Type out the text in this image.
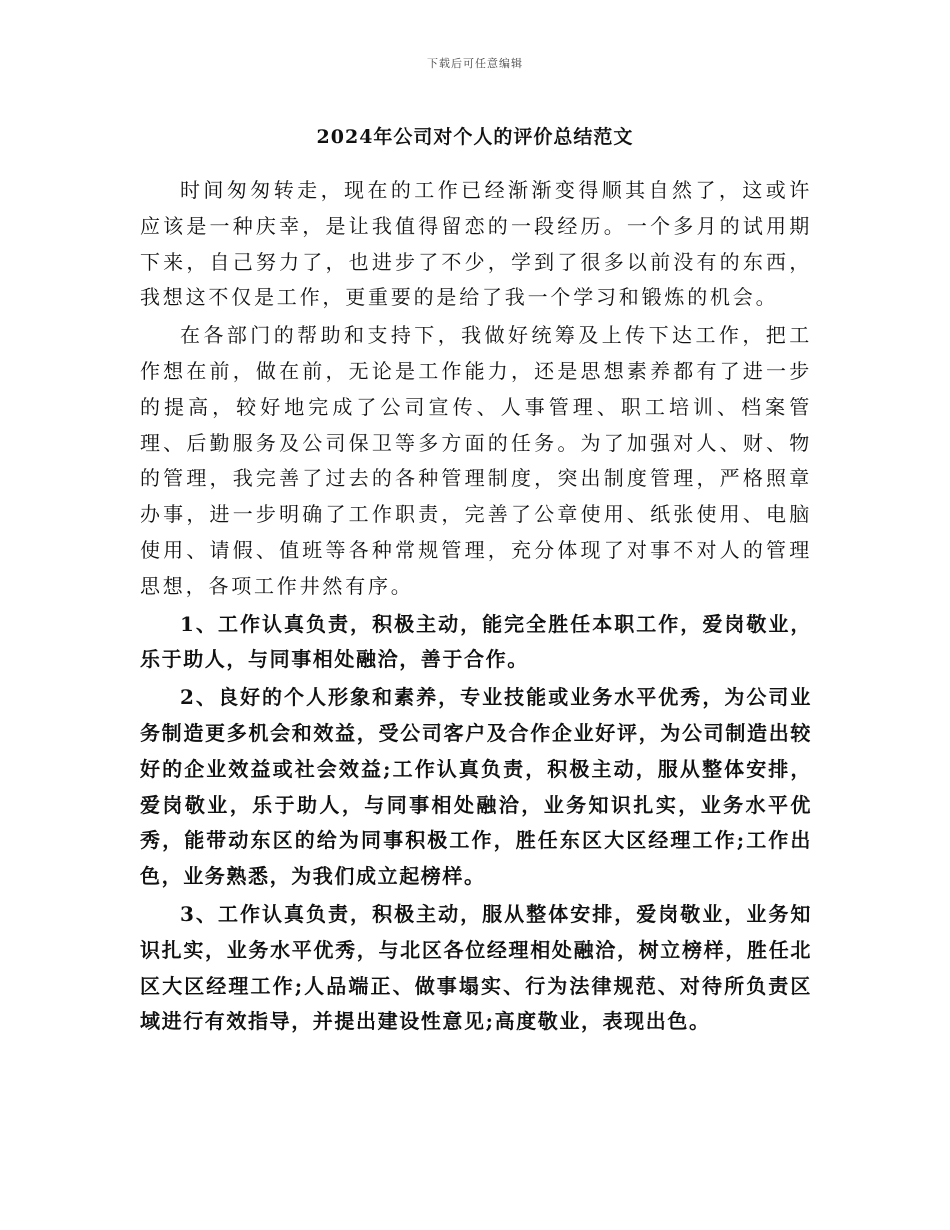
下载后可任意编辑
2024年公司对个人的评价总结范文

时间匆匆转走，现在的工作已经渐渐变得顺其自然了，这或许应该是一种庆幸，是让我值得留恋的一段经历。一个多月的试用期下来，自己努力了，也进步了不少，学到了很多以前没有的东西，我想这不仅是工作，更重要的是给了我一个学习和锻炼的机会。

在各部门的帮助和支持下，我做好统筹及上传下达工作，把工作想在前，做在前，无论是工作能力，还是思想素养都有了进一步的提高，较好地完成了公司宣传、人事管理、职工培训、档案管理、后勤服务及公司保卫等多方面的任务。为了加强对人、财、物的管理，我完善了过去的各种管理制度，突出制度管理，严格照章办事，进一步明确了工作职责，完善了公章使用、纸张使用、电脑使用、请假、值班等各种常规管理，充分体现了对事不对人的管理思想，各项工作井然有序。

1、工作认真负责，积极主动，能完全胜任本职工作，爱岗敬业，乐于助人，与同事相处融洽，善于合作。

2、良好的个人形象和素养，专业技能或业务水平优秀，为公司业务制造更多机会和效益，受公司客户及合作企业好评，为公司制造出较好的企业效益或社会效益;工作认真负责，积极主动，服从整体安排，爱岗敬业，乐于助人，与同事相处融洽，业务知识扎实，业务水平优秀，能带动东区的给为同事积极工作，胜任东区大区经理工作;工作出色，业务熟悉，为我们成立起榜样。

3、工作认真负责，积极主动，服从整体安排，爱岗敬业，业务知识扎实，业务水平优秀，与北区各位经理相处融洽，树立榜样，胜任北区大区经理工作;人品端正、做事塌实、行为法律规范、对待所负责区域进行有效指导，并提出建设性意见;高度敬业，表现出色。
